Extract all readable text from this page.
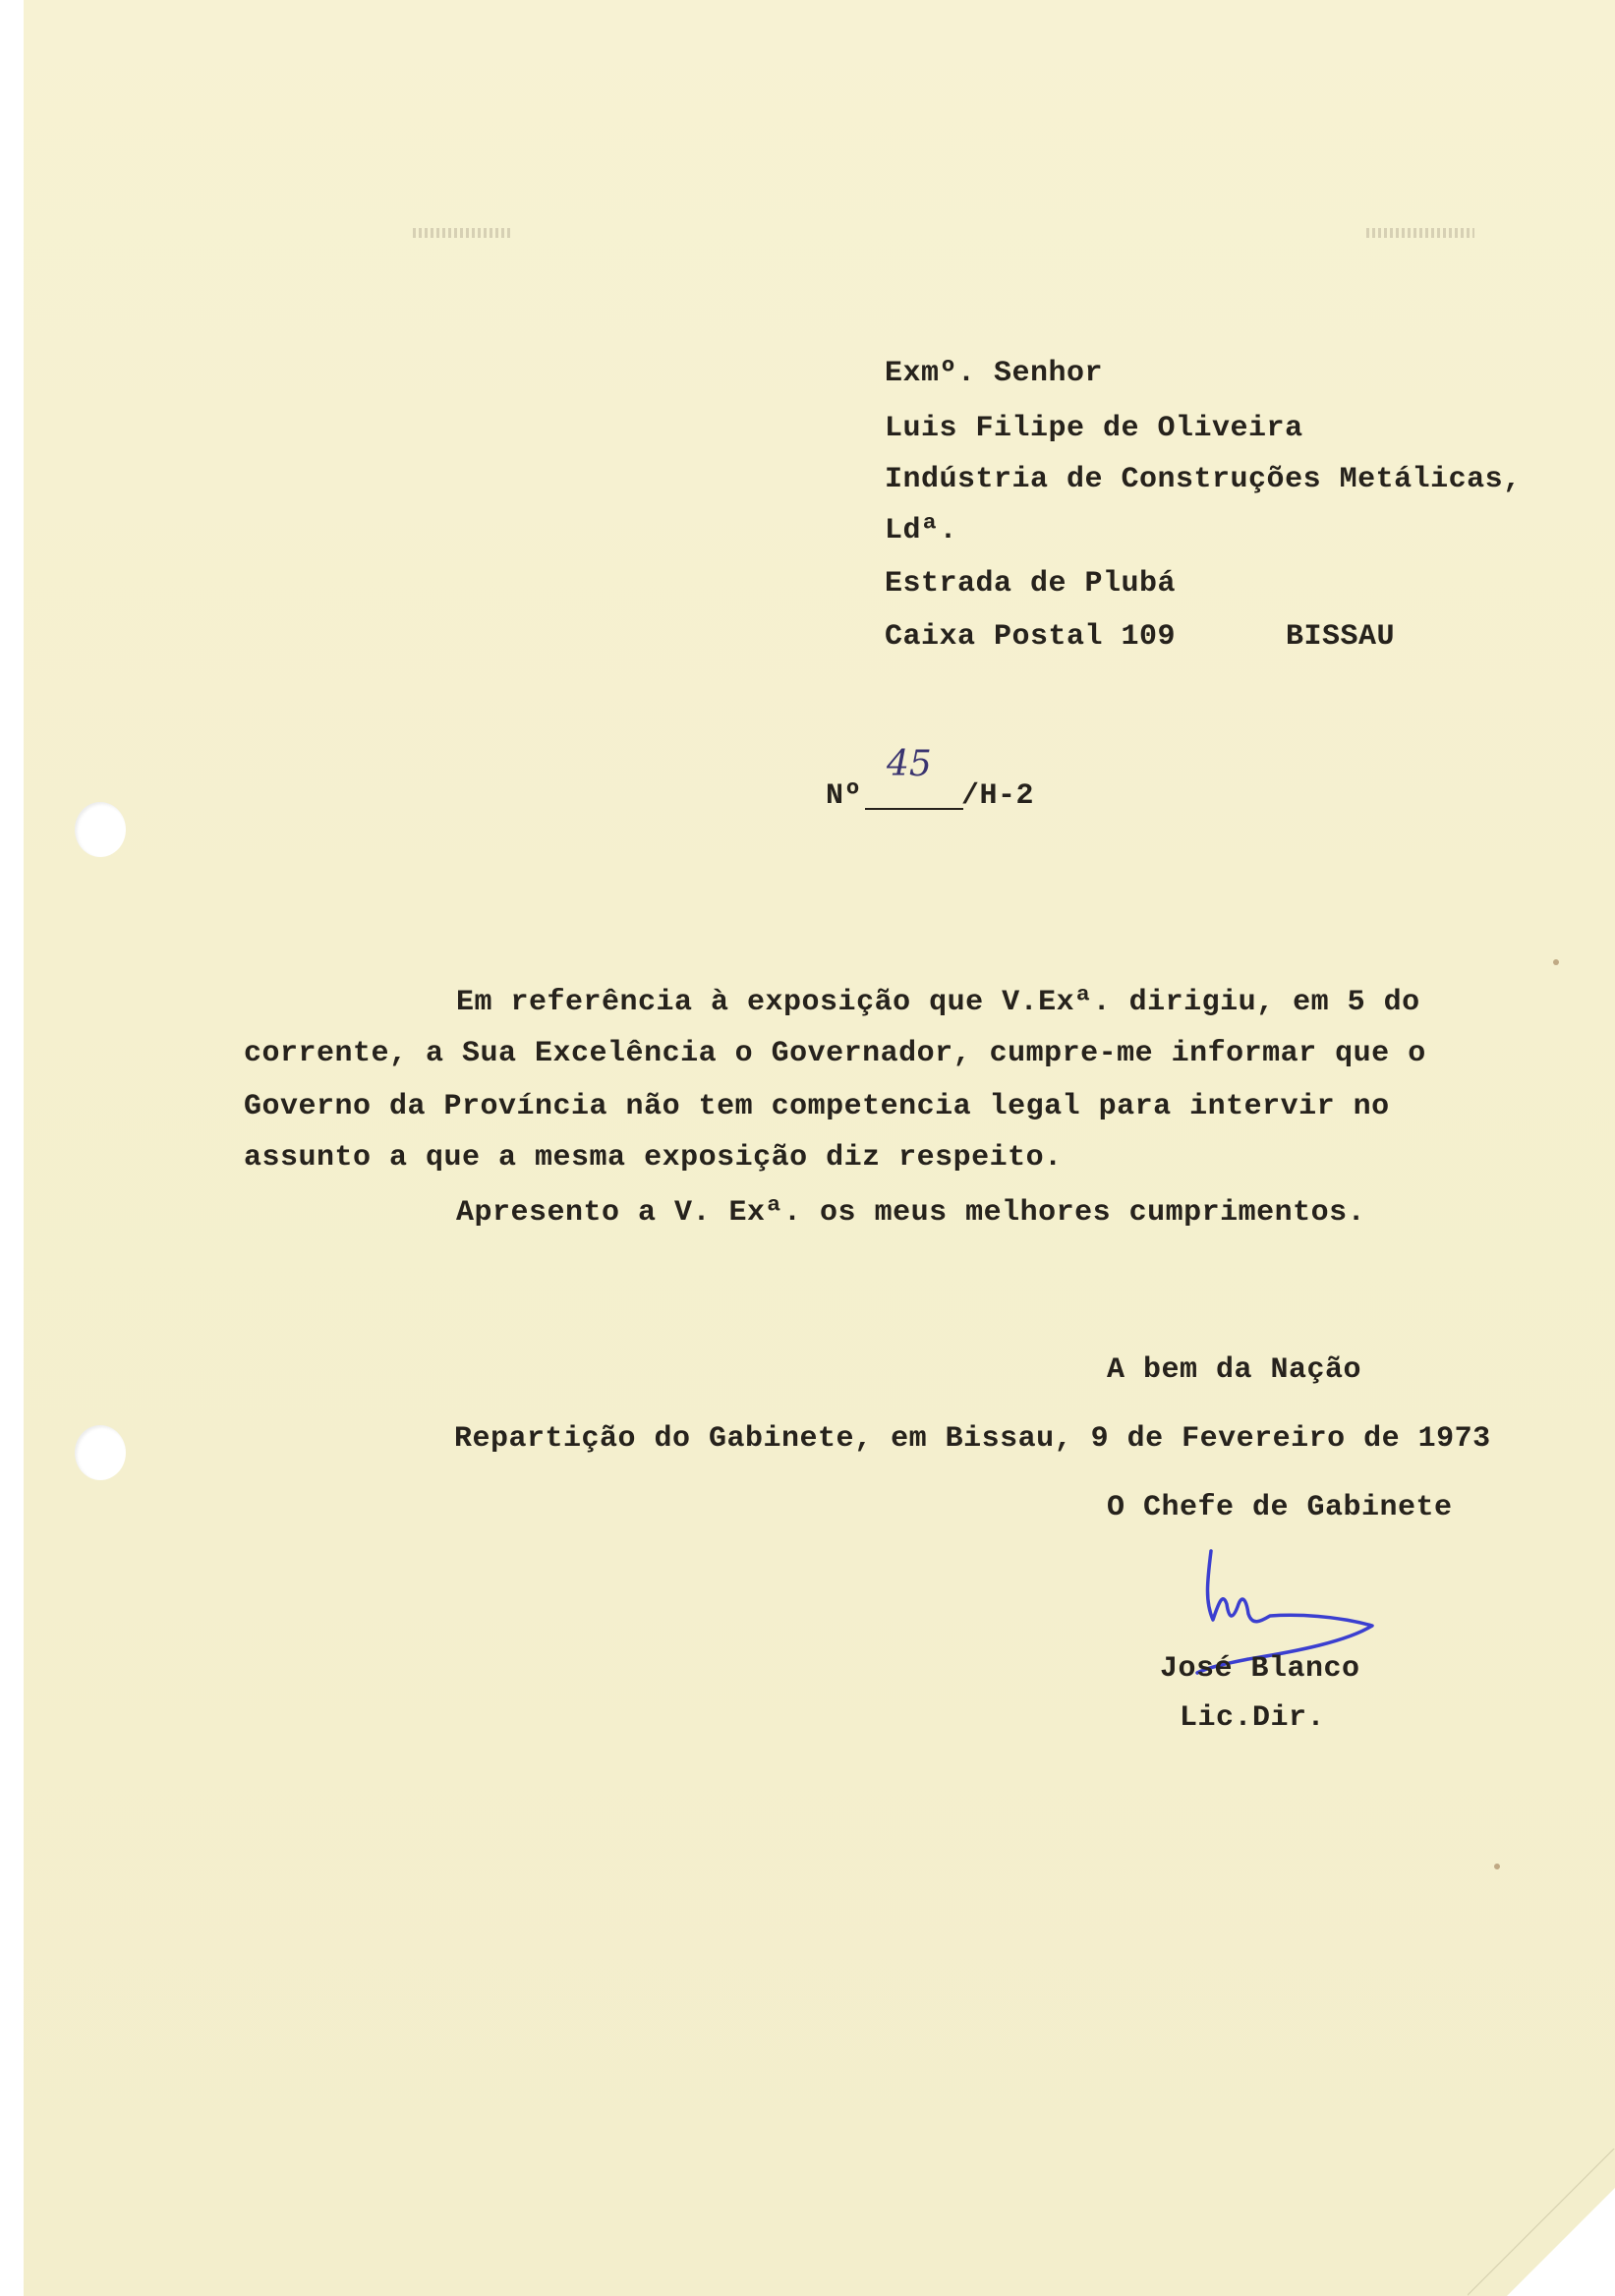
Exmº. Senhor

Luis Filipe de Oliveira

Indústria de Construções Metálicas,

Ldª.

Estrada de Plubá

Caixa Postal 109	BISSAU

Nº

45

/H-2

Em referência à exposição que V.Exª. dirigiu, em 5 do

corrente, a Sua Excelência o Governador, cumpre-me informar que o

Governo da Província não tem competencia legal para intervir no

assunto a que a mesma exposição diz respeito.

Apresento a V. Exª. os meus melhores cumprimentos.

A bem da Nação

Repartição do Gabinete, em Bissau, 9 de Fevereiro de 1973

O Chefe de Gabinete

José Blanco

Lic.Dir.
